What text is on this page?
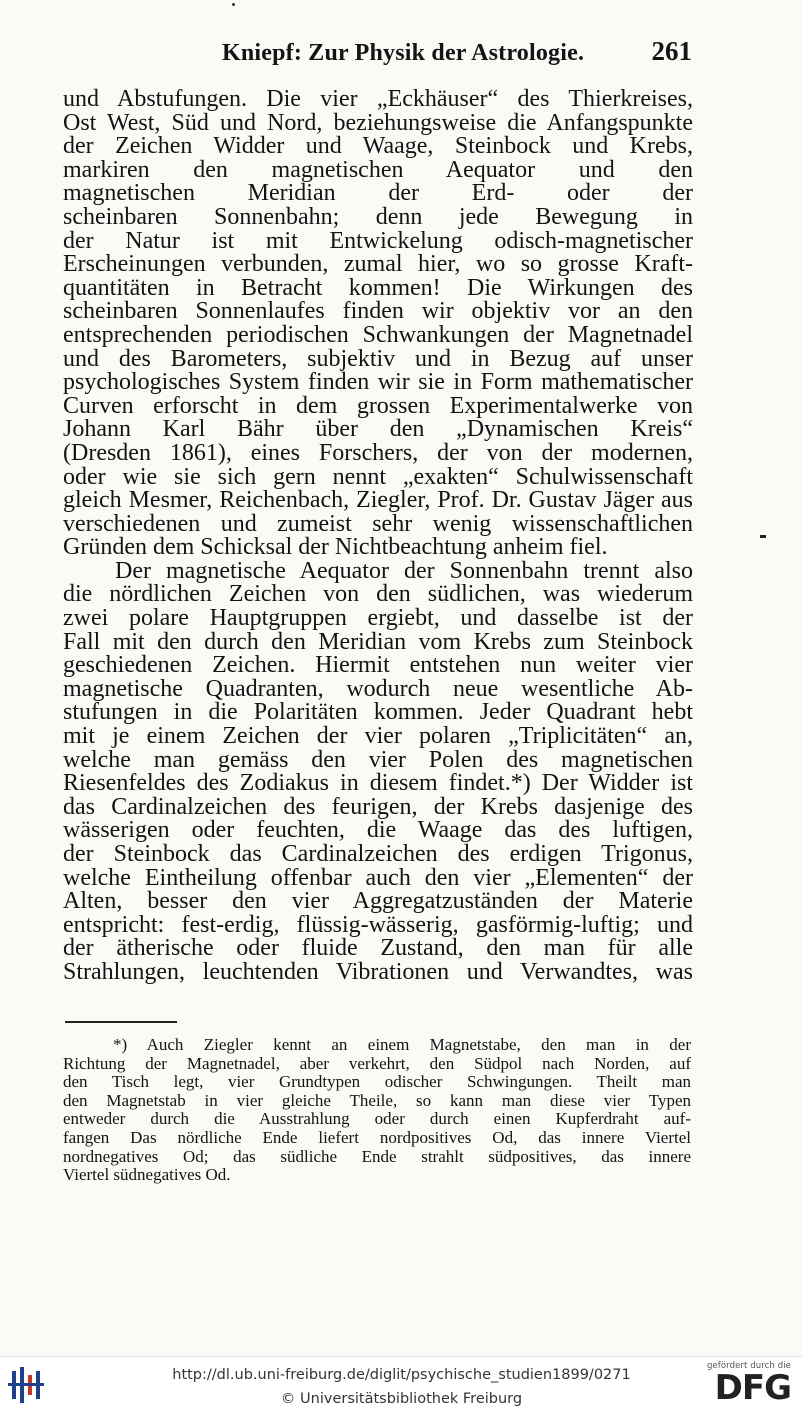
Kniepf: Zur Physik der Astrologie. 261
und Abstufungen. Die vier „Eckhäuser“ des Thierkreises,
Ost West, Süd und Nord, beziehungsweise die Anfangspunkte
der Zeichen Widder und Waage, Steinbock und Krebs,
markiren den magnetischen Aequator und den
magnetischen Meridian der Erd- oder der
scheinbaren Sonnenbahn; denn jede Bewegung in
der Natur ist mit Entwickelung odisch-magnetischer
Erscheinungen verbunden, zumal hier, wo so grosse Kraft-
quantitäten in Betracht kommen! Die Wirkungen des
scheinbaren Sonnenlaufes finden wir objektiv vor an den
entsprechenden periodischen Schwankungen der Magnetnadel
und des Barometers, subjektiv und in Bezug auf unser
psychologisches System finden wir sie in Form mathematischer
Curven erforscht in dem grossen Experimentalwerke von
Johann Karl Bähr über den „Dynamischen Kreis“
(Dresden 1861), eines Forschers, der von der modernen,
oder wie sie sich gern nennt „exakten“ Schulwissenschaft
gleich Mesmer, Reichenbach, Ziegler, Prof. Dr. Gustav Jäger aus
verschiedenen und zumeist sehr wenig wissenschaftlichen
Gründen dem Schicksal der Nichtbeachtung anheim fiel.
Der magnetische Aequator der Sonnenbahn trennt also
die nördlichen Zeichen von den südlichen, was wiederum
zwei polare Hauptgruppen ergiebt, und dasselbe ist der
Fall mit den durch den Meridian vom Krebs zum Steinbock
geschiedenen Zeichen. Hiermit entstehen nun weiter vier
magnetische Quadranten, wodurch neue wesentliche Ab-
stufungen in die Polaritäten kommen. Jeder Quadrant hebt
mit je einem Zeichen der vier polaren „Triplicitäten“ an,
welche man gemäss den vier Polen des magnetischen
Riesenfeldes des Zodiakus in diesem findet.*) Der Widder ist
das Cardinalzeichen des feurigen, der Krebs dasjenige des
wässerigen oder feuchten, die Waage das des luftigen,
der Steinbock das Cardinalzeichen des erdigen Trigonus,
welche Eintheilung offenbar auch den vier „Elementen“ der
Alten, besser den vier Aggregatzuständen der Materie
entspricht: fest-erdig, flüssig-wässerig, gasförmig-luftig; und
der ätherische oder fluide Zustand, den man für alle
Strahlungen, leuchtenden Vibrationen und Verwandtes, was
*) Auch Ziegler kennt an einem Magnetstabe, den man in der
Richtung der Magnetnadel, aber verkehrt, den Südpol nach Norden, auf
den Tisch legt, vier Grundtypen odischer Schwingungen. Theilt man
den Magnetstab in vier gleiche Theile, so kann man diese vier Typen
entweder durch die Ausstrahlung oder durch einen Kupferdraht auf-
fangen Das nördliche Ende liefert nordpositives Od, das innere Viertel
nordnegatives Od; das südliche Ende strahlt südpositives, das innere
Viertel südnegatives Od.
http://dl.ub.uni-freiburg.de/diglit/psychische_studien1899/0271
© Universitätsbibliothek Freiburg
gefördert durch die
DFG
